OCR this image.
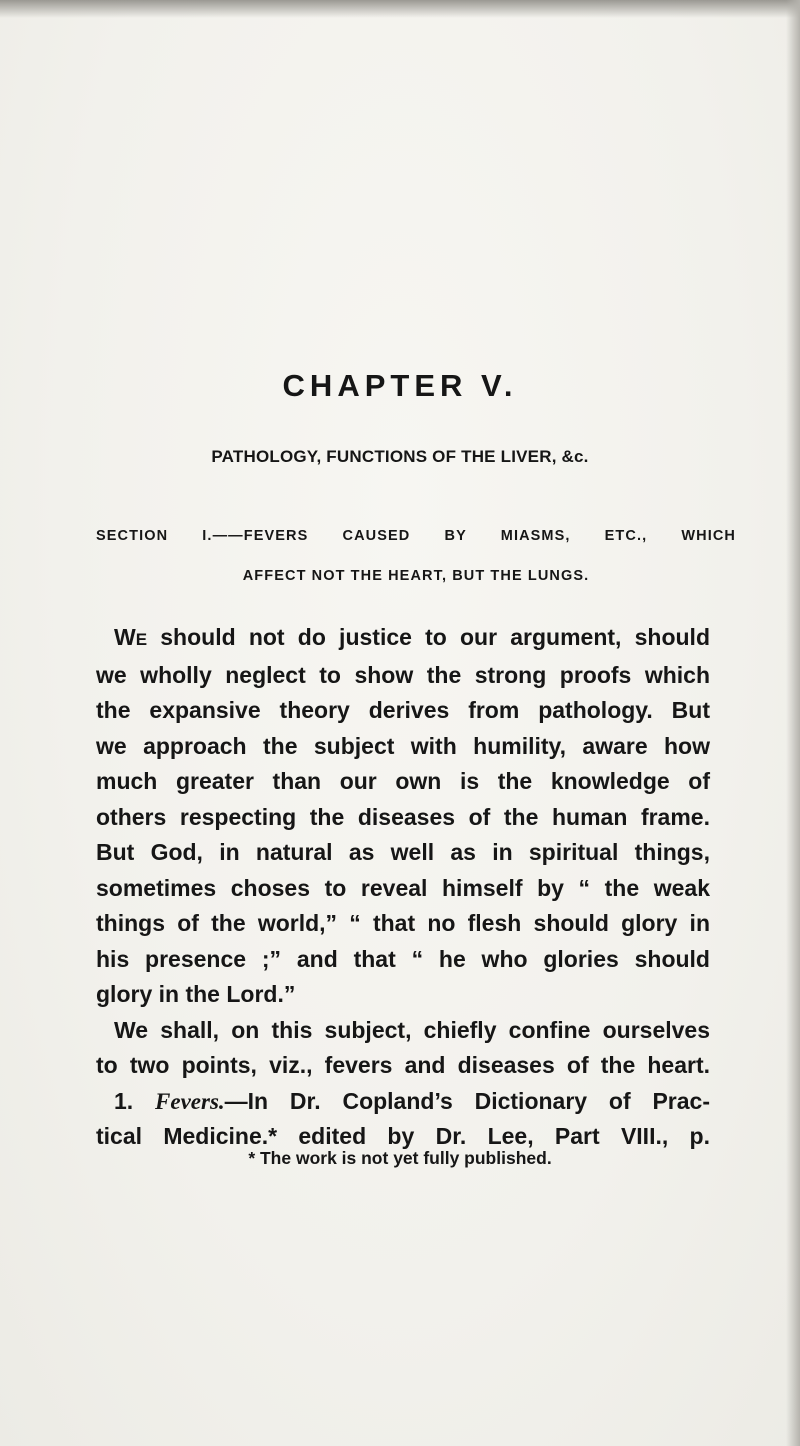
CHAPTER V.
PATHOLOGY, FUNCTIONS OF THE LIVER, &c.
SECTION I.——FEVERS CAUSED BY MIASMS, ETC., WHICH
AFFECT NOT THE HEART, BUT THE LUNGS.
WE should not do justice to our argument, should
we wholly neglect to show the strong proofs which
the expansive theory derives from pathology. But
we approach the subject with humility, aware how
much greater than our own is the knowledge of
others respecting the diseases of the human frame.
But God, in natural as well as in spiritual things,
sometimes choses to reveal himself by “ the weak
things of the world,” “ that no flesh should glory in
his presence ;” and that “ he who glories should
glory in the Lord.”
We shall, on this subject, chiefly confine ourselves
to two points, viz., fevers and diseases of the heart.
1. Fevers.—In Dr. Copland’s Dictionary of Prac-
tical Medicine.* edited by Dr. Lee, Part VIII., p.
* The work is not yet fully published.
